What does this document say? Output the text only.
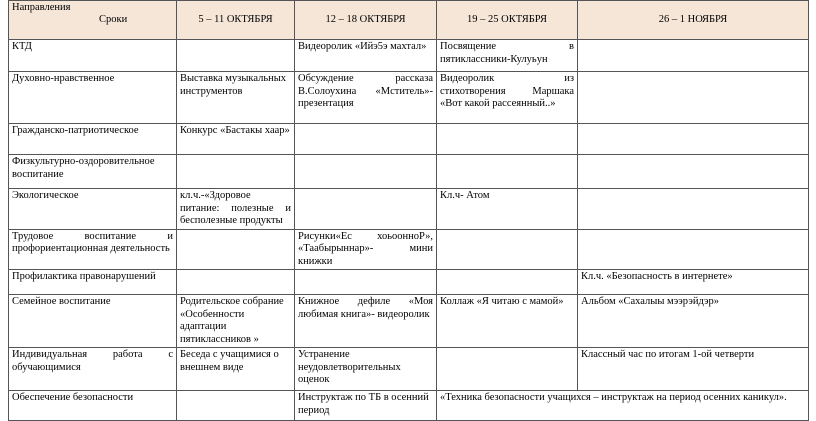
Направления
Сроки	5 – 11 ОКТЯБРЯ	12 – 18 ОКТЯБРЯ	19 – 25 ОКТЯБРЯ	26 – 1 НОЯБРЯ
КТД		Видеоролик «Ийэ5э махтал»	Посвящение в пятиклассники-Кулуьун	
Духовно-нравственное	Выставка музыкальных инструментов	Обсуждение рассказа В.Солоухина «Мститель»-презентация	Видеоролик из стихотворения Маршака «Вот какой рассеянный..»	
Гражданско-патриотическое	Конкурс «Бастакы хаар»			
Физкультурно-оздоровительное воспитание				
Экологическое	кл.ч.-«Здоровое питание: полезные и бесполезные продукты		Кл.ч- Атом	
Трудовое воспитание и профориентационная деятельность		Рисунки«Ес хоьоонноР», «Таабырыннар»- мини книжки		
Профилактика правонарушений				Кл.ч. «Безопасность в интернете»
Семейное воспитание	Родительское собрание «Особенности адаптации пятиклассников »	Книжное дефиле «Моя любимая книга»- видеоролик	Коллаж «Я читаю с мамой»	Альбом «Сахалыы мээрэйдэр»
Индивидуальная работа с обучающимися	Беседа с учащимися о внешнем виде	Устранение неудовлетворительных оценок		Классный час по итогам 1-ой четверти
Обеспечение безопасности		Инструктаж по ТБ в осенний период	«Техника безопасности учащихся – инструктаж на период осенних каникул».	
